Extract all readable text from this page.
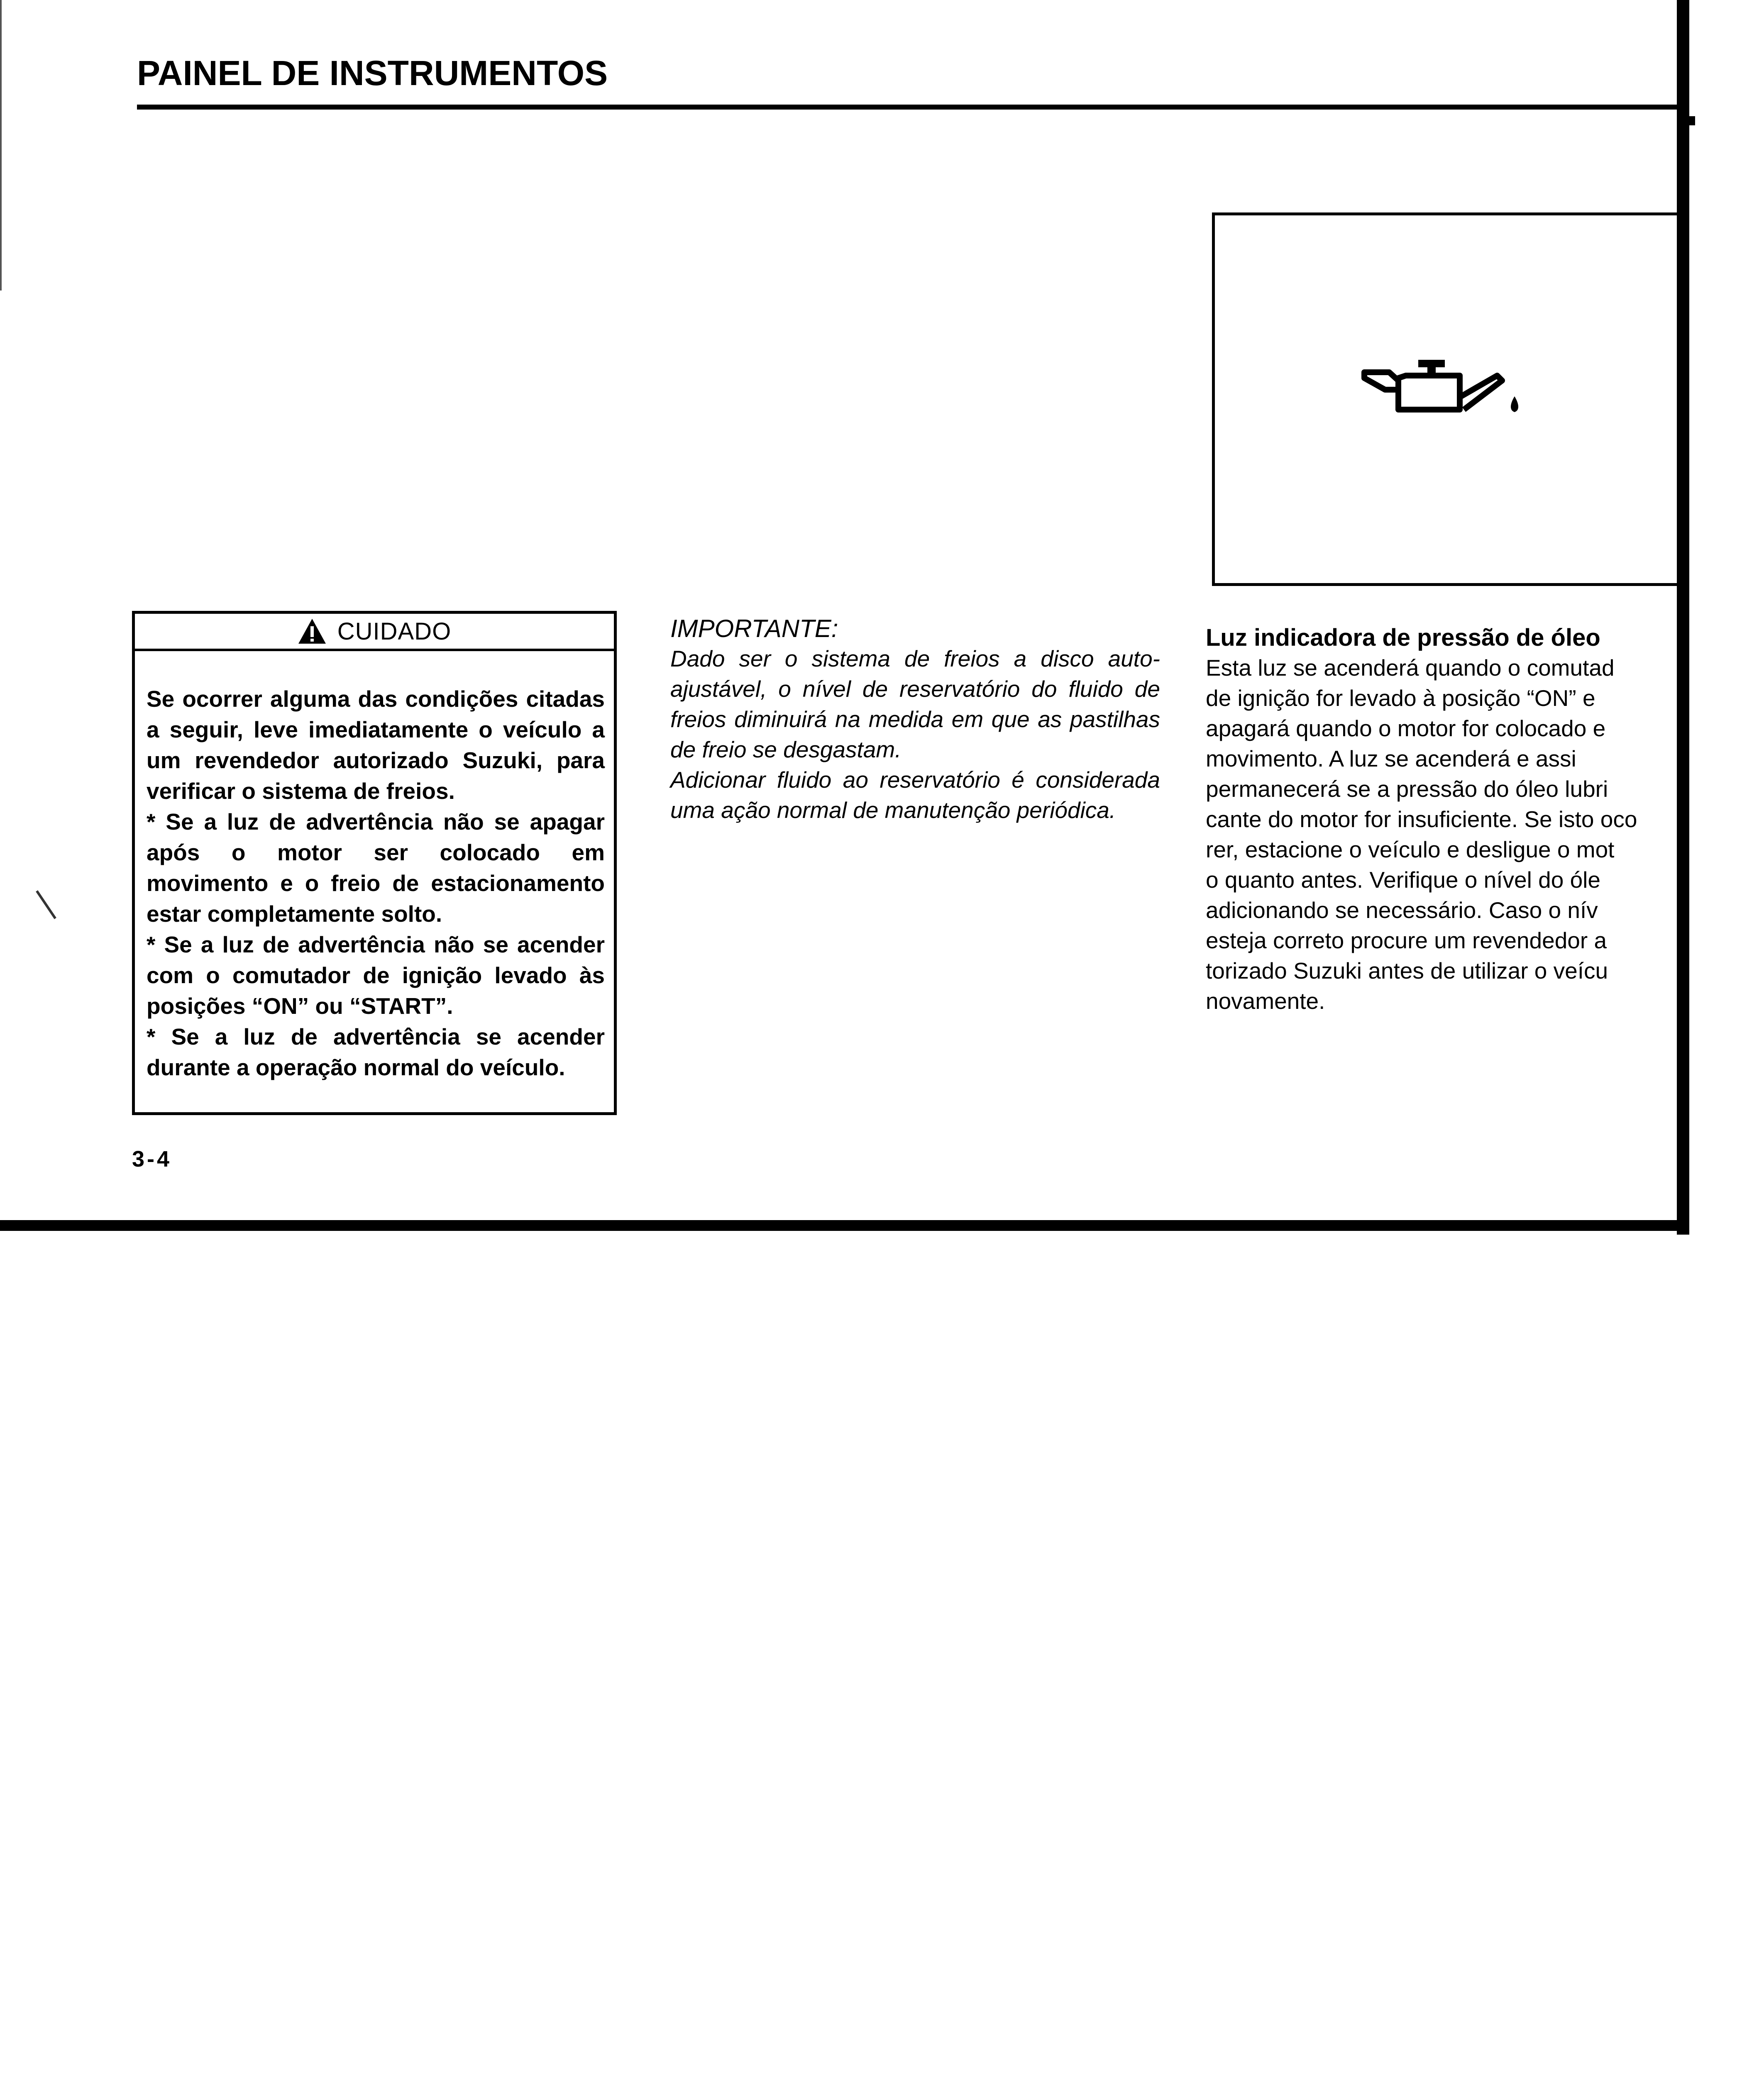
PAINEL DE INSTRUMENTOS
CUIDADO

Se ocorrer alguma das condições citadas a seguir, leve imediatamente o veículo a um revendedor autorizado Suzuki, para verificar o sistema de freios.

* Se a luz de advertência não se apagar após o motor ser colocado em movimento e o freio de estacionamento estar completamente solto.

* Se a luz de advertência não se acender com o comutador de ignição levado às posições “ON” ou “START”.

* Se a luz de advertência se acender durante a operação normal do veículo.

IMPORTANTE:

Dado ser o sistema de freios a disco auto-ajustável, o nível de reservatório do fluido de freios diminuirá na medida em que as pastilhas de freio se desgastam.

Adicionar fluido ao reservatório é considerada uma ação normal de manutenção periódica.

Luz indicadora de pressão de óleo

Esta luz se acenderá quando o comutad

de ignição for levado à posição “ON” e

apagará quando o motor for colocado e

movimento. A luz se acenderá e assi

permanecerá se a pressão do óleo lubri

cante do motor for insuficiente. Se isto oco

rer, estacione o veículo e desligue o mot

o quanto antes. Verifique o nível do óle

adicionando se necessário. Caso o nív

esteja correto procure um revendedor a

torizado Suzuki antes de utilizar o veícu

novamente.

3-4
